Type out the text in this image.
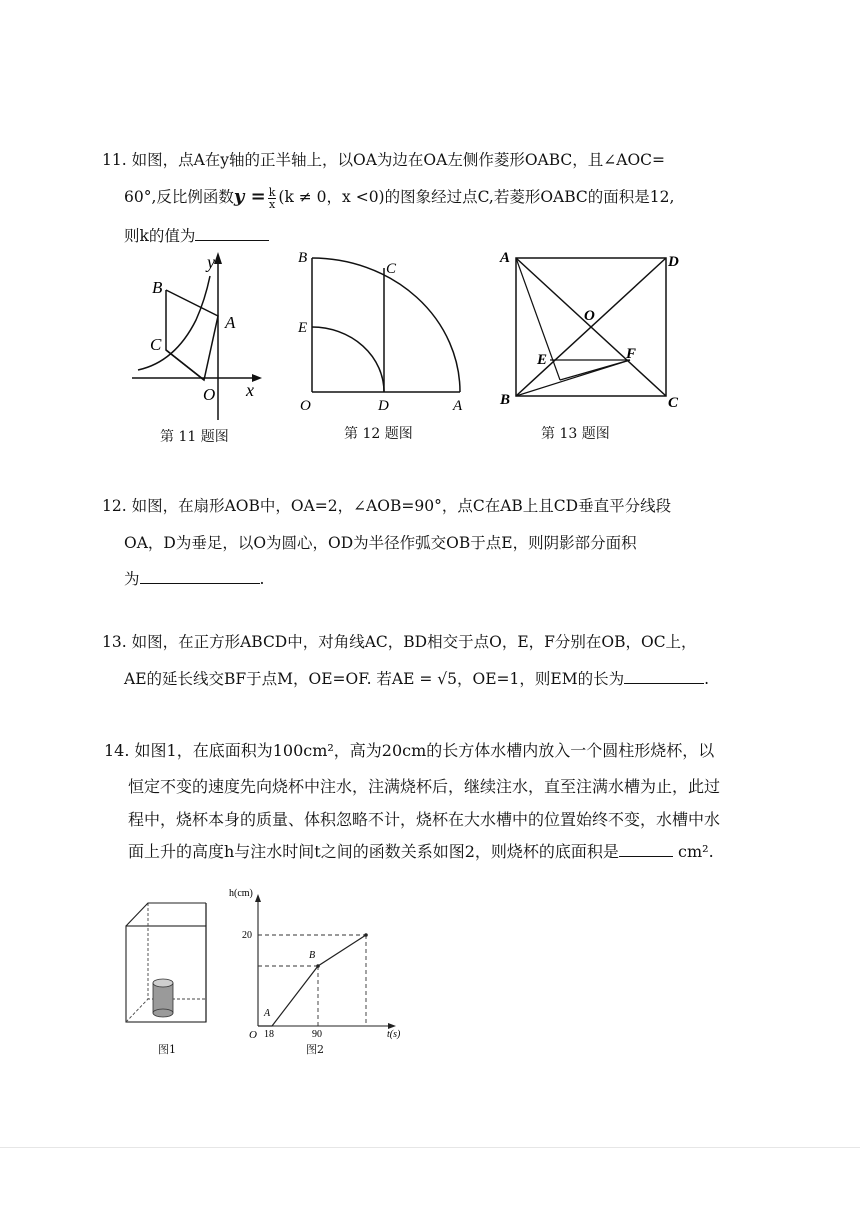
11. 如图，点A在y轴的正半轴上，以OA为边在OA左侧作菱形OABC，且∠AOC=
60°,反比例函数$y = \frac{k}{x} (k \ne 0$，x <0)的图象经过点C,若菱形OABC的面积是12,
则k的值为
y
x
B
A
C
O
第 11 题图
B
C
E
O	D	A
第 12 题图
A	D
O
E	F
B	C
第 13 题图
12. 如图，在扇形AOB中，OA=2，∠AOB=90°，点C在AB上且CD垂直平分线段
OA，D为垂足，以O为圆心，OD为半径作弧交OB于点E，则阴影部分面积
为	.
13. 如图，在正方形ABCD中，对角线AC，BD相交于点O，E，F分别在OB，OC上，
AE的延长线交BF于点M，OE=OF. 若AE = √5，OE=1，则EM的长为	.
14. 如图1，在底面积为100cm²，高为20cm的长方体水槽内放入一个圆柱形烧杯，以
恒定不变的速度先向烧杯中注水，注满烧杯后，继续注水，直至注满水槽为止，此过
程中，烧杯本身的质量、体积忽略不计，烧杯在大水槽中的位置始终不变，水槽中水
面上升的高度h与注水时间t之间的函数关系如图2，则烧杯的底面积是	cm².
图1
h(cm)
t(s)
20
18	90
O
A
B
图2
